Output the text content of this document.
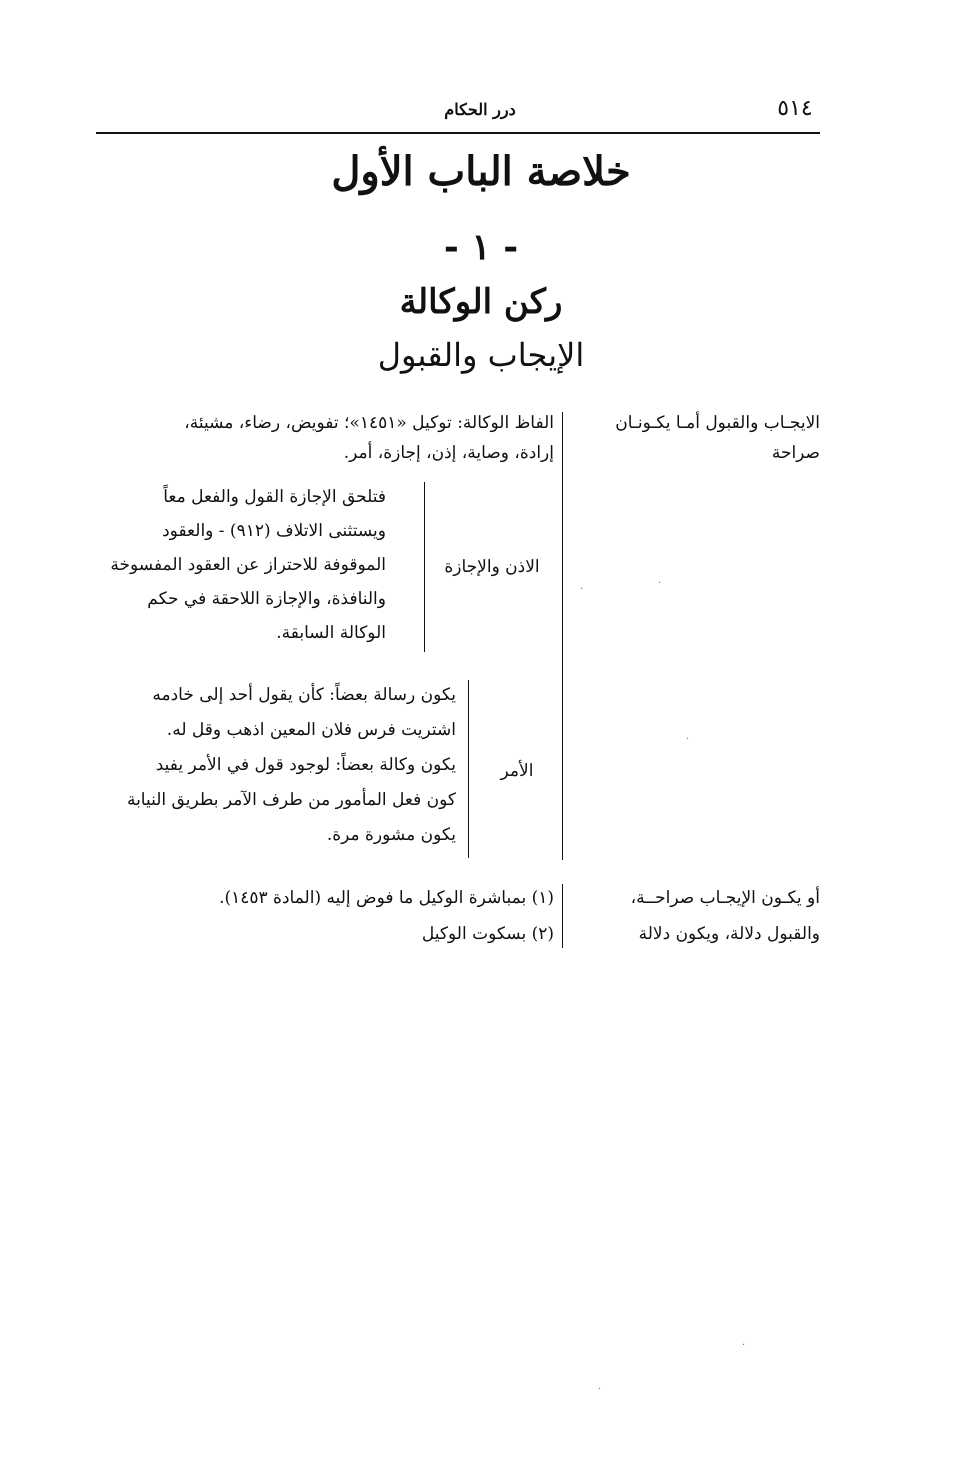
٥١٤
درر الحكام
خلاصة الباب الأول
- ١ -
ركن الوكالة
الإيجاب والقبول
الايجـاب والقبول أمـا يكـونـان
صراحة
الفاظ الوكالة: توكيل «١٤٥١»؛ تفويض، رضاء، مشيئة،
إرادة، وصاية، إذن، إجازة، أمر.
الاذن والإجازة
فتلحق الإجازة القول والفعل معاً
ويستثنى الاتلاف (٩١٢) - والعقود
الموقوفة للاحتراز عن العقود المفسوخة
والنافذة، والإجازة اللاحقة في حكم
الوكالة السابقة.
الأمر
يكون رسالة بعضاً: كأن يقول أحد إلى خادمه
اشتريت فرس فلان المعين اذهب وقل له.
يكون وكالة بعضاً: لوجود قول في الأمر يفيد
كون فعل المأمور من طرف الآمر بطريق النيابة
يكون مشورة مرة.
أو يكـون الإيجـاب صراحــة،
والقبول دلالة، ويكون دلالة
(١) بمباشرة الوكيل ما فوض إليه (المادة ١٤٥٣).
(٢) بسكوت الوكيل
·
·
·
·
·
